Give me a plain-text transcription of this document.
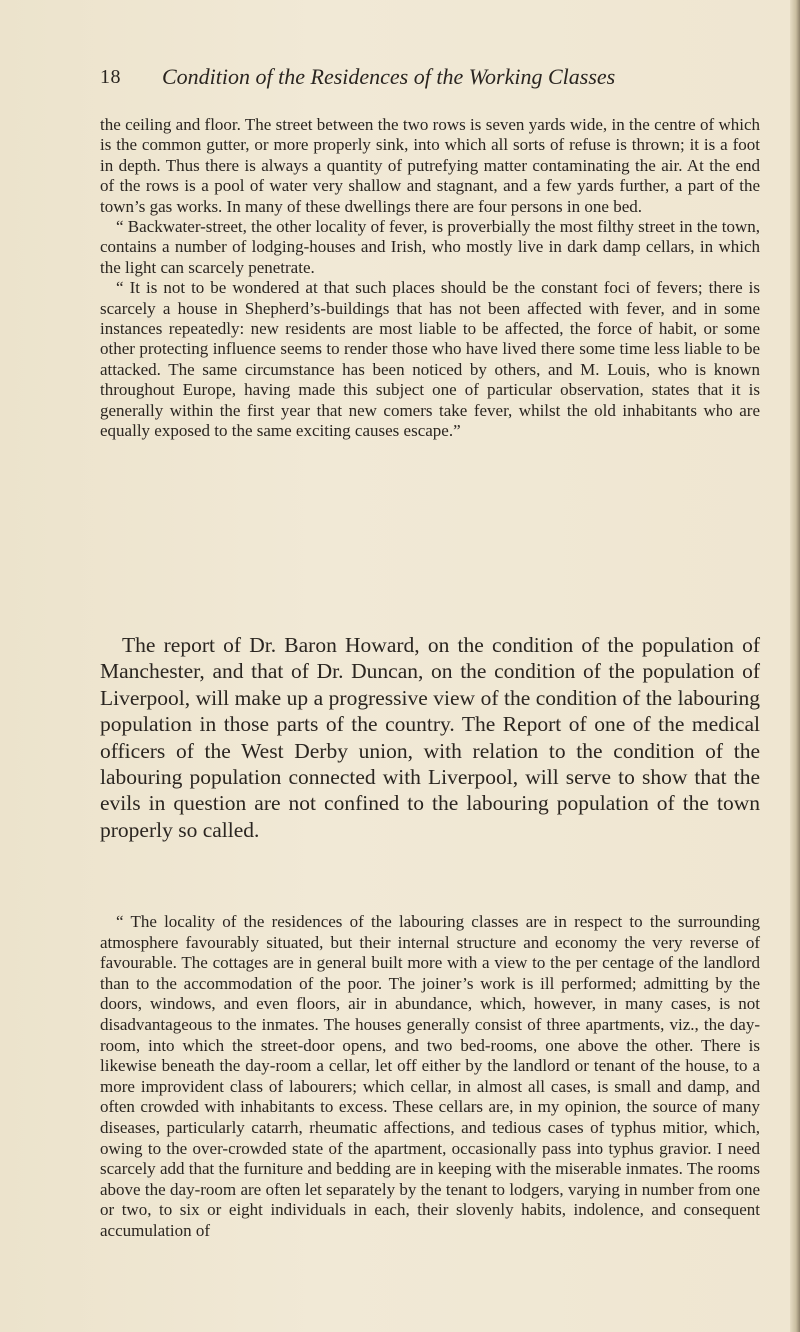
18 Condition of the Residences of the Working Classes

the ceiling and floor. The street between the two rows is seven yards wide, in the centre of which is the common gutter, or more properly sink, into which all sorts of refuse is thrown; it is a foot in depth. Thus there is always a quantity of putrefying matter contaminating the air. At the end of the rows is a pool of water very shallow and stagnant, and a few yards further, a part of the town’s gas works. In many of these dwellings there are four persons in one bed.

“ Backwater-street, the other locality of fever, is proverbially the most filthy street in the town, contains a number of lodging-houses and Irish, who mostly live in dark damp cellars, in which the light can scarcely penetrate.

“ It is not to be wondered at that such places should be the constant foci of fevers; there is scarcely a house in Shepherd’s-buildings that has not been affected with fever, and in some instances repeatedly: new residents are most liable to be affected, the force of habit, or some other protecting influence seems to render those who have lived there some time less liable to be attacked. The same circumstance has been noticed by others, and M. Louis, who is known throughout Europe, having made this subject one of particular observation, states that it is generally within the first year that new comers take fever, whilst the old inhabitants who are equally exposed to the same exciting causes escape.”

The report of Dr. Baron Howard, on the condition of the population of Manchester, and that of Dr. Duncan, on the condition of the population of Liverpool, will make up a progressive view of the condition of the labouring population in those parts of the country. The Report of one of the medical officers of the West Derby union, with relation to the condition of the labouring population connected with Liverpool, will serve to show that the evils in question are not confined to the labouring population of the town properly so called.

“ The locality of the residences of the labouring classes are in respect to the surrounding atmosphere favourably situated, but their internal structure and economy the very reverse of favourable. The cottages are in general built more with a view to the per centage of the landlord than to the accommodation of the poor. The joiner’s work is ill performed; admitting by the doors, windows, and even floors, air in abundance, which, however, in many cases, is not disadvantageous to the inmates. The houses generally consist of three apartments, viz., the day-room, into which the street-door opens, and two bed-rooms, one above the other. There is likewise beneath the day-room a cellar, let off either by the landlord or tenant of the house, to a more improvident class of labourers; which cellar, in almost all cases, is small and damp, and often crowded with inhabitants to excess. These cellars are, in my opinion, the source of many diseases, particularly catarrh, rheumatic affections, and tedious cases of typhus mitior, which, owing to the over-crowded state of the apartment, occasionally pass into typhus gravior. I need scarcely add that the furniture and bedding are in keeping with the miserable inmates. The rooms above the day-room are often let separately by the tenant to lodgers, varying in number from one or two, to six or eight individuals in each, their slovenly habits, indolence, and consequent accumulation of
